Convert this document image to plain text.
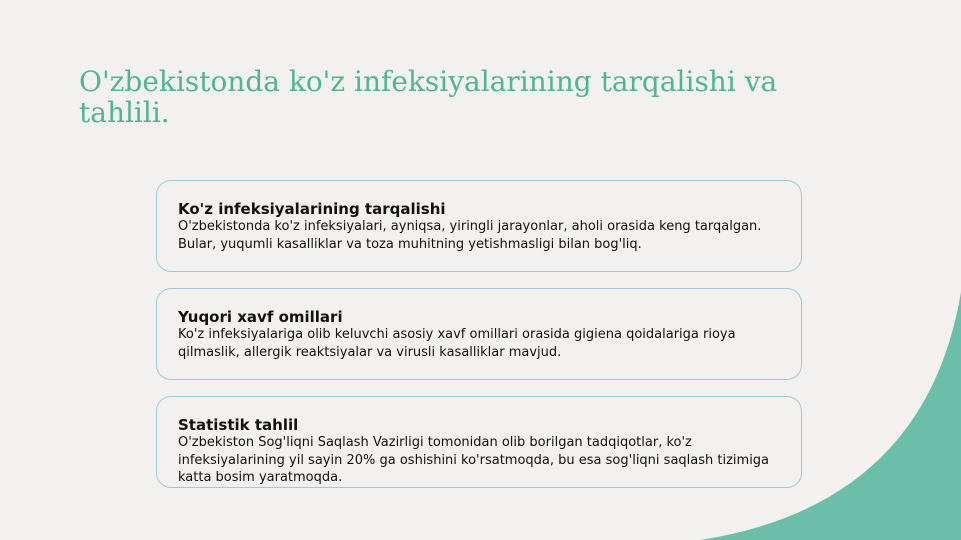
O'zbekistonda ko'z infeksiyalarining tarqalishi va tahlili.
Ko'z infeksiyalarining tarqalishi

O'zbekistonda ko'z infeksiyalari, ayniqsa, yiringli jarayonlar, aholi orasida keng tarqalgan. Bular, yuqumli kasalliklar va toza muhitning yetishmasligi bilan bog'liq.

Yuqori xavf omillari

Ko'z infeksiyalariga olib keluvchi asosiy xavf omillari orasida gigiena qoidalariga rioya qilmaslik, allergik reaktsiyalar va virusli kasalliklar mavjud.

Statistik tahlil

O'zbekiston Sog'liqni Saqlash Vazirligi tomonidan olib borilgan tadqiqotlar, ko'z infeksiyalarining yil sayin 20% ga oshishini ko'rsatmoqda, bu esa sog'liqni saqlash tizimiga katta bosim yaratmoqda.
